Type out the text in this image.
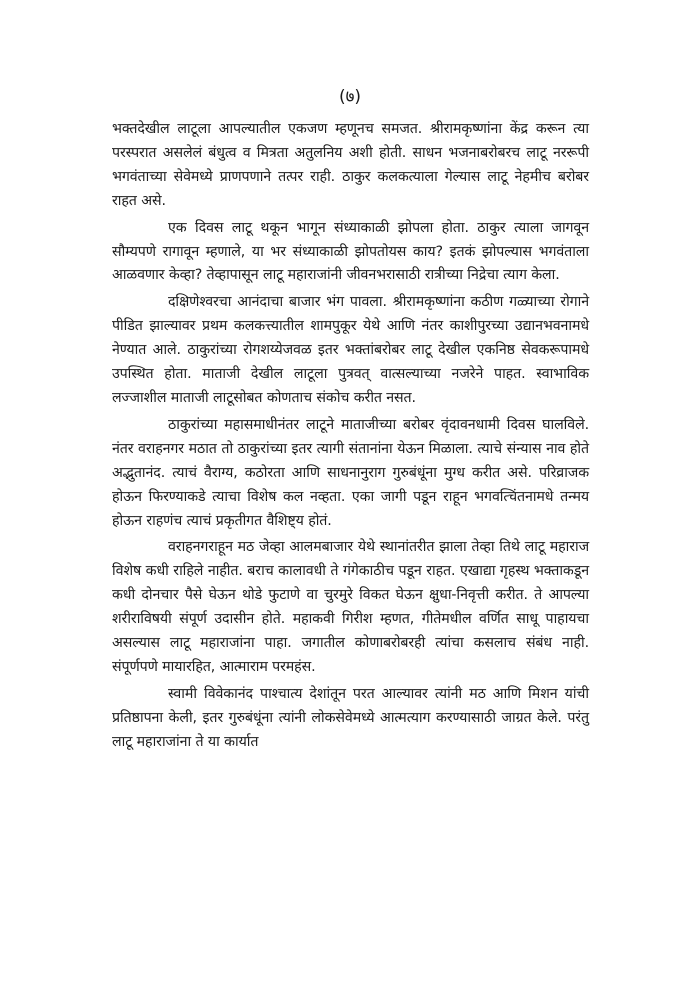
(७)

भक्तदेखील लाटूला आपल्यातील एकजण म्हणूनच समजत. श्रीरामकृष्णांना केंद्र करून त्या परस्परात असलेलं बंधुत्व व मित्रता अतुलनिय अशी होती. साधन भजनाबरोबरच लाटू नररूपी भगवंताच्या सेवेमध्ये प्राणपणाने तत्पर राही. ठाकुर कलकत्याला गेल्यास लाटू नेहमीच बरोबर राहत असे.

एक दिवस लाटू थकून भागून संध्याकाळी झोपला होता. ठाकुर त्याला जागवून सौम्यपणे रागावून म्हणाले, या भर संध्याकाळी झोपतोयस काय? इतकं झोपल्यास भगवंताला आळवणार केव्हा? तेव्हापासून लाटू महाराजांनी जीवनभरासाठी रात्रीच्या निद्रेचा त्याग केला.

दक्षिणेश्वरचा आनंदाचा बाजार भंग पावला. श्रीरामकृष्णांना कठीण गळ्याच्या रोगाने पीडित झाल्यावर प्रथम कलकत्त्यातील शामपुकूर येथे आणि नंतर काशीपुरच्या उद्यानभवनामधे नेण्यात आले. ठाकुरांच्या रोगशय्येजवळ इतर भक्तांबरोबर लाटू देखील एकनिष्ठ सेवकरूपामधे उपस्थित होता. माताजी देखील लाटूला पुत्रवत् वात्सल्याच्या नजरेने पाहत. स्वाभाविक लज्जाशील माताजी लाटूसोबत कोणताच संकोच करीत नसत.

ठाकुरांच्या महासमाधीनंतर लाटूने माताजीच्या बरोबर वृंदावनधामी दिवस घालविले. नंतर वराहनगर मठात तो ठाकुरांच्या इतर त्यागी संतानांना येऊन मिळाला. त्याचे संन्यास नाव होते अद्भुतानंद. त्याचं वैराग्य, कठोरता आणि साधनानुराग गुरुबंधूंना मुग्ध करीत असे. परिव्राजक होऊन फिरण्याकडे त्याचा विशेष कल नव्हता. एका जागी पडून राहून भगवत्चिंतनामधे तन्मय होऊन राहणंच त्याचं प्रकृतीगत वैशिष्ट्य होतं.

वराहनगराहून मठ जेव्हा आलमबाजार येथे स्थानांतरीत झाला तेव्हा तिथे लाटू महाराज विशेष कधी राहिले नाहीत. बराच कालावधी ते गंगेकाठीच पडून राहत. एखाद्या गृहस्थ भक्ताकडून कधी दोनचार पैसे घेऊन थोडे फुटाणे वा चुरमुरे विकत घेऊन क्षुधा-निवृत्ती करीत. ते आपल्या शरीराविषयी संपूर्ण उदासीन होते. महाकवी गिरीश म्हणत, गीतेमधील वर्णित साधू पाहायचा असल्यास लाटू महाराजांना पाहा. जगातील कोणाबरोबरही त्यांचा कसलाच संबंध नाही. संपूर्णपणे मायारहित, आत्माराम परमहंस.

स्वामी विवेकानंद पाश्चात्य देशांतून परत आल्यावर त्यांनी मठ आणि मिशन यांची प्रतिष्ठापना केली, इतर गुरुबंधूंना त्यांनी लोकसेवेमध्ये आत्मत्याग करण्यासाठी जाग्रत केले. परंतु लाटू महाराजांना ते या कार्यात
